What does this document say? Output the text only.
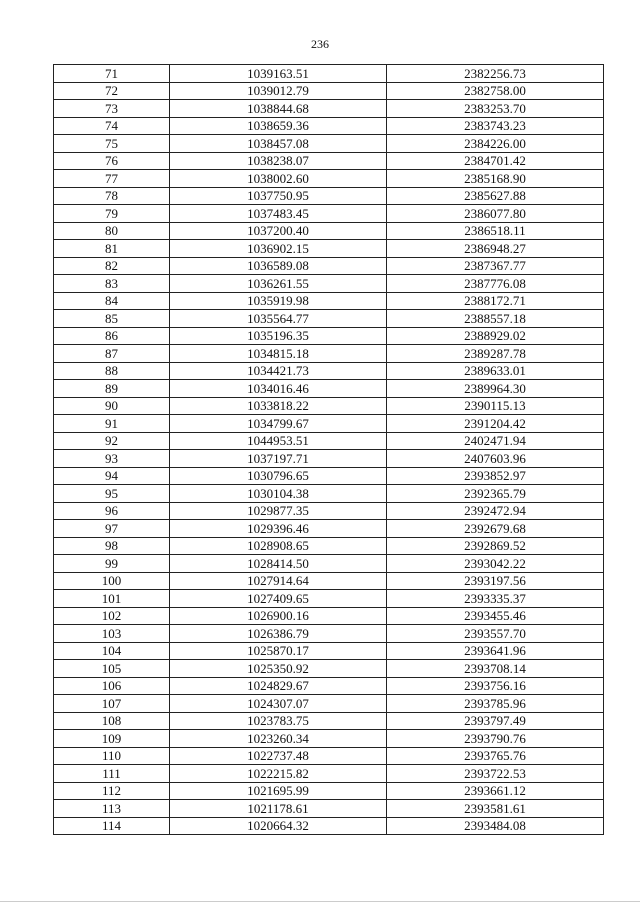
236
71	1039163.51	2382256.73
72	1039012.79	2382758.00
73	1038844.68	2383253.70
74	1038659.36	2383743.23
75	1038457.08	2384226.00
76	1038238.07	2384701.42
77	1038002.60	2385168.90
78	1037750.95	2385627.88
79	1037483.45	2386077.80
80	1037200.40	2386518.11
81	1036902.15	2386948.27
82	1036589.08	2387367.77
83	1036261.55	2387776.08
84	1035919.98	2388172.71
85	1035564.77	2388557.18
86	1035196.35	2388929.02
87	1034815.18	2389287.78
88	1034421.73	2389633.01
89	1034016.46	2389964.30
90	1033818.22	2390115.13
91	1034799.67	2391204.42
92	1044953.51	2402471.94
93	1037197.71	2407603.96
94	1030796.65	2393852.97
95	1030104.38	2392365.79
96	1029877.35	2392472.94
97	1029396.46	2392679.68
98	1028908.65	2392869.52
99	1028414.50	2393042.22
100	1027914.64	2393197.56
101	1027409.65	2393335.37
102	1026900.16	2393455.46
103	1026386.79	2393557.70
104	1025870.17	2393641.96
105	1025350.92	2393708.14
106	1024829.67	2393756.16
107	1024307.07	2393785.96
108	1023783.75	2393797.49
109	1023260.34	2393790.76
110	1022737.48	2393765.76
111	1022215.82	2393722.53
112	1021695.99	2393661.12
113	1021178.61	2393581.61
114	1020664.32	2393484.08
